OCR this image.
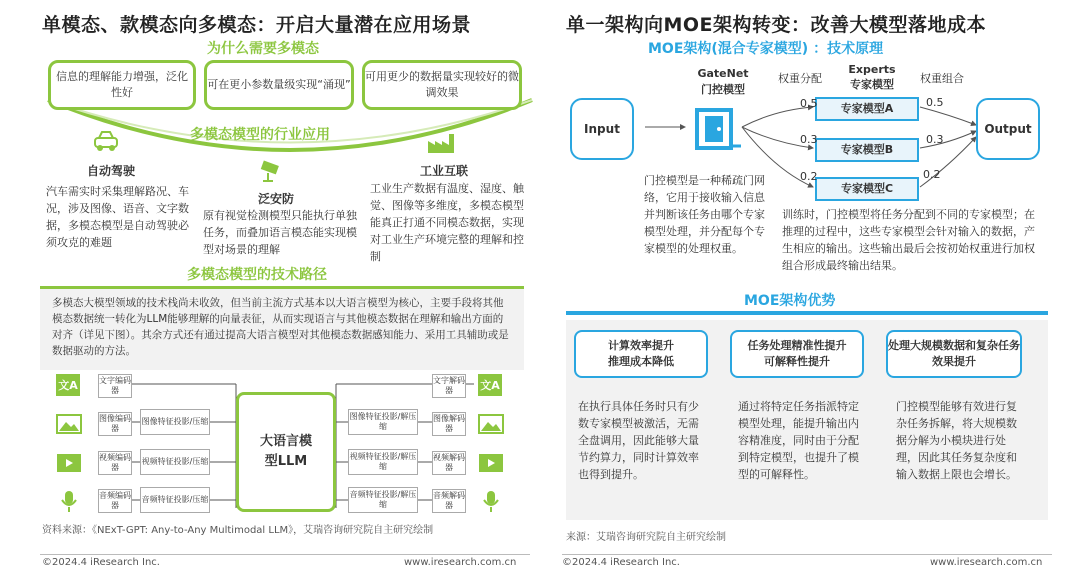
单模态、款模态向多模态：开启大量潜在应用场景
为什么需要多模态
信息的理解能力增强，泛化性好
可在更小参数量级实现“涌现”
可用更少的数据量实现较好的微调效果
多模态模型的行业应用
自动驾驶
泛安防
工业互联
汽车需实时采集理解路况、车况，涉及图像、语音、文字数据，多模态模型是自动驾驶必须攻克的难题
原有视觉检测模型只能执行单独任务，而叠加语言模态能实现模型对场景的理解
工业生产数据有温度、湿度、触觉、图像等多维度，多模态模型能真正打通不同模态数据，实现对工业生产环境完整的理解和控制
多模态模型的技术路径
多模态大模型领域的技术栈尚未收敛，但当前主流方式基本以大语言模型为核心，主要手段将其他模态数据统一转化为LLM能够理解的向量表征，从而实现语言与其他模态数据在理解和输出方面的对齐（详见下图）。其余方式还有通过提高大语言模型对其他模态数据感知能力、采用工具辅助或是数据驱动的方法。
文A	文字编码器
图像编码器
视频编码器
音频编码器
图像特征投影/压缩
视频特征投影/压缩
音频特征投影/压缩
大语言模型LLM
图像特征投影/解压缩
视频特征投影/解压缩
音频特征投影/解压缩
文字解码器
图像解码器
视频解码器
音频解码器
文A
资料来源：《NExT-GPT: Any-to-Any Multimodal LLM》，艾瑞咨询研究院自主研究绘制
©2024.4 iResearch Inc.	www.iresearch.com.cn
单一架构向MOE架构转变：改善大模型落地成本
MOE架构(混合专家模型) ：技术原理
Input
GateNet
门控模型
权重分配
Experts
专家模型	权重组合
专家模型A
专家模型B
专家模型C
0.5
0.3
0.2
0.5
0.3
0.2
Output
门控模型是一种稀疏门网络，它用于接收输入信息并判断该任务由哪个专家模型处理，并分配每个专家模型的处理权重。
训练时，门控模型将任务分配到不同的专家模型；在推理的过程中，这些专家模型会针对输入的数据，产生相应的输出。这些输出最后会按初始权重进行加权组合形成最终输出结果。
MOE架构优势
计算效率提升
推理成本降低
任务处理精准性提升
可解释性提升
处理大规模数据和复杂任务效果提升
在执行具体任务时只有少数专家模型被激活，无需全盘调用，因此能够大量节约算力，同时计算效率也得到提升。
通过将特定任务指派特定模型处理，能提升输出内容精准度，同时由于分配到特定模型，也提升了模型的可解释性。
门控模型能够有效进行复杂任务拆解，将大规模数据分解为小模块进行处理，因此其任务复杂度和输入数据上限也会增长。
来源：艾瑞咨询研究院自主研究绘制
©2024.4 iResearch Inc.	www.iresearch.com.cn
